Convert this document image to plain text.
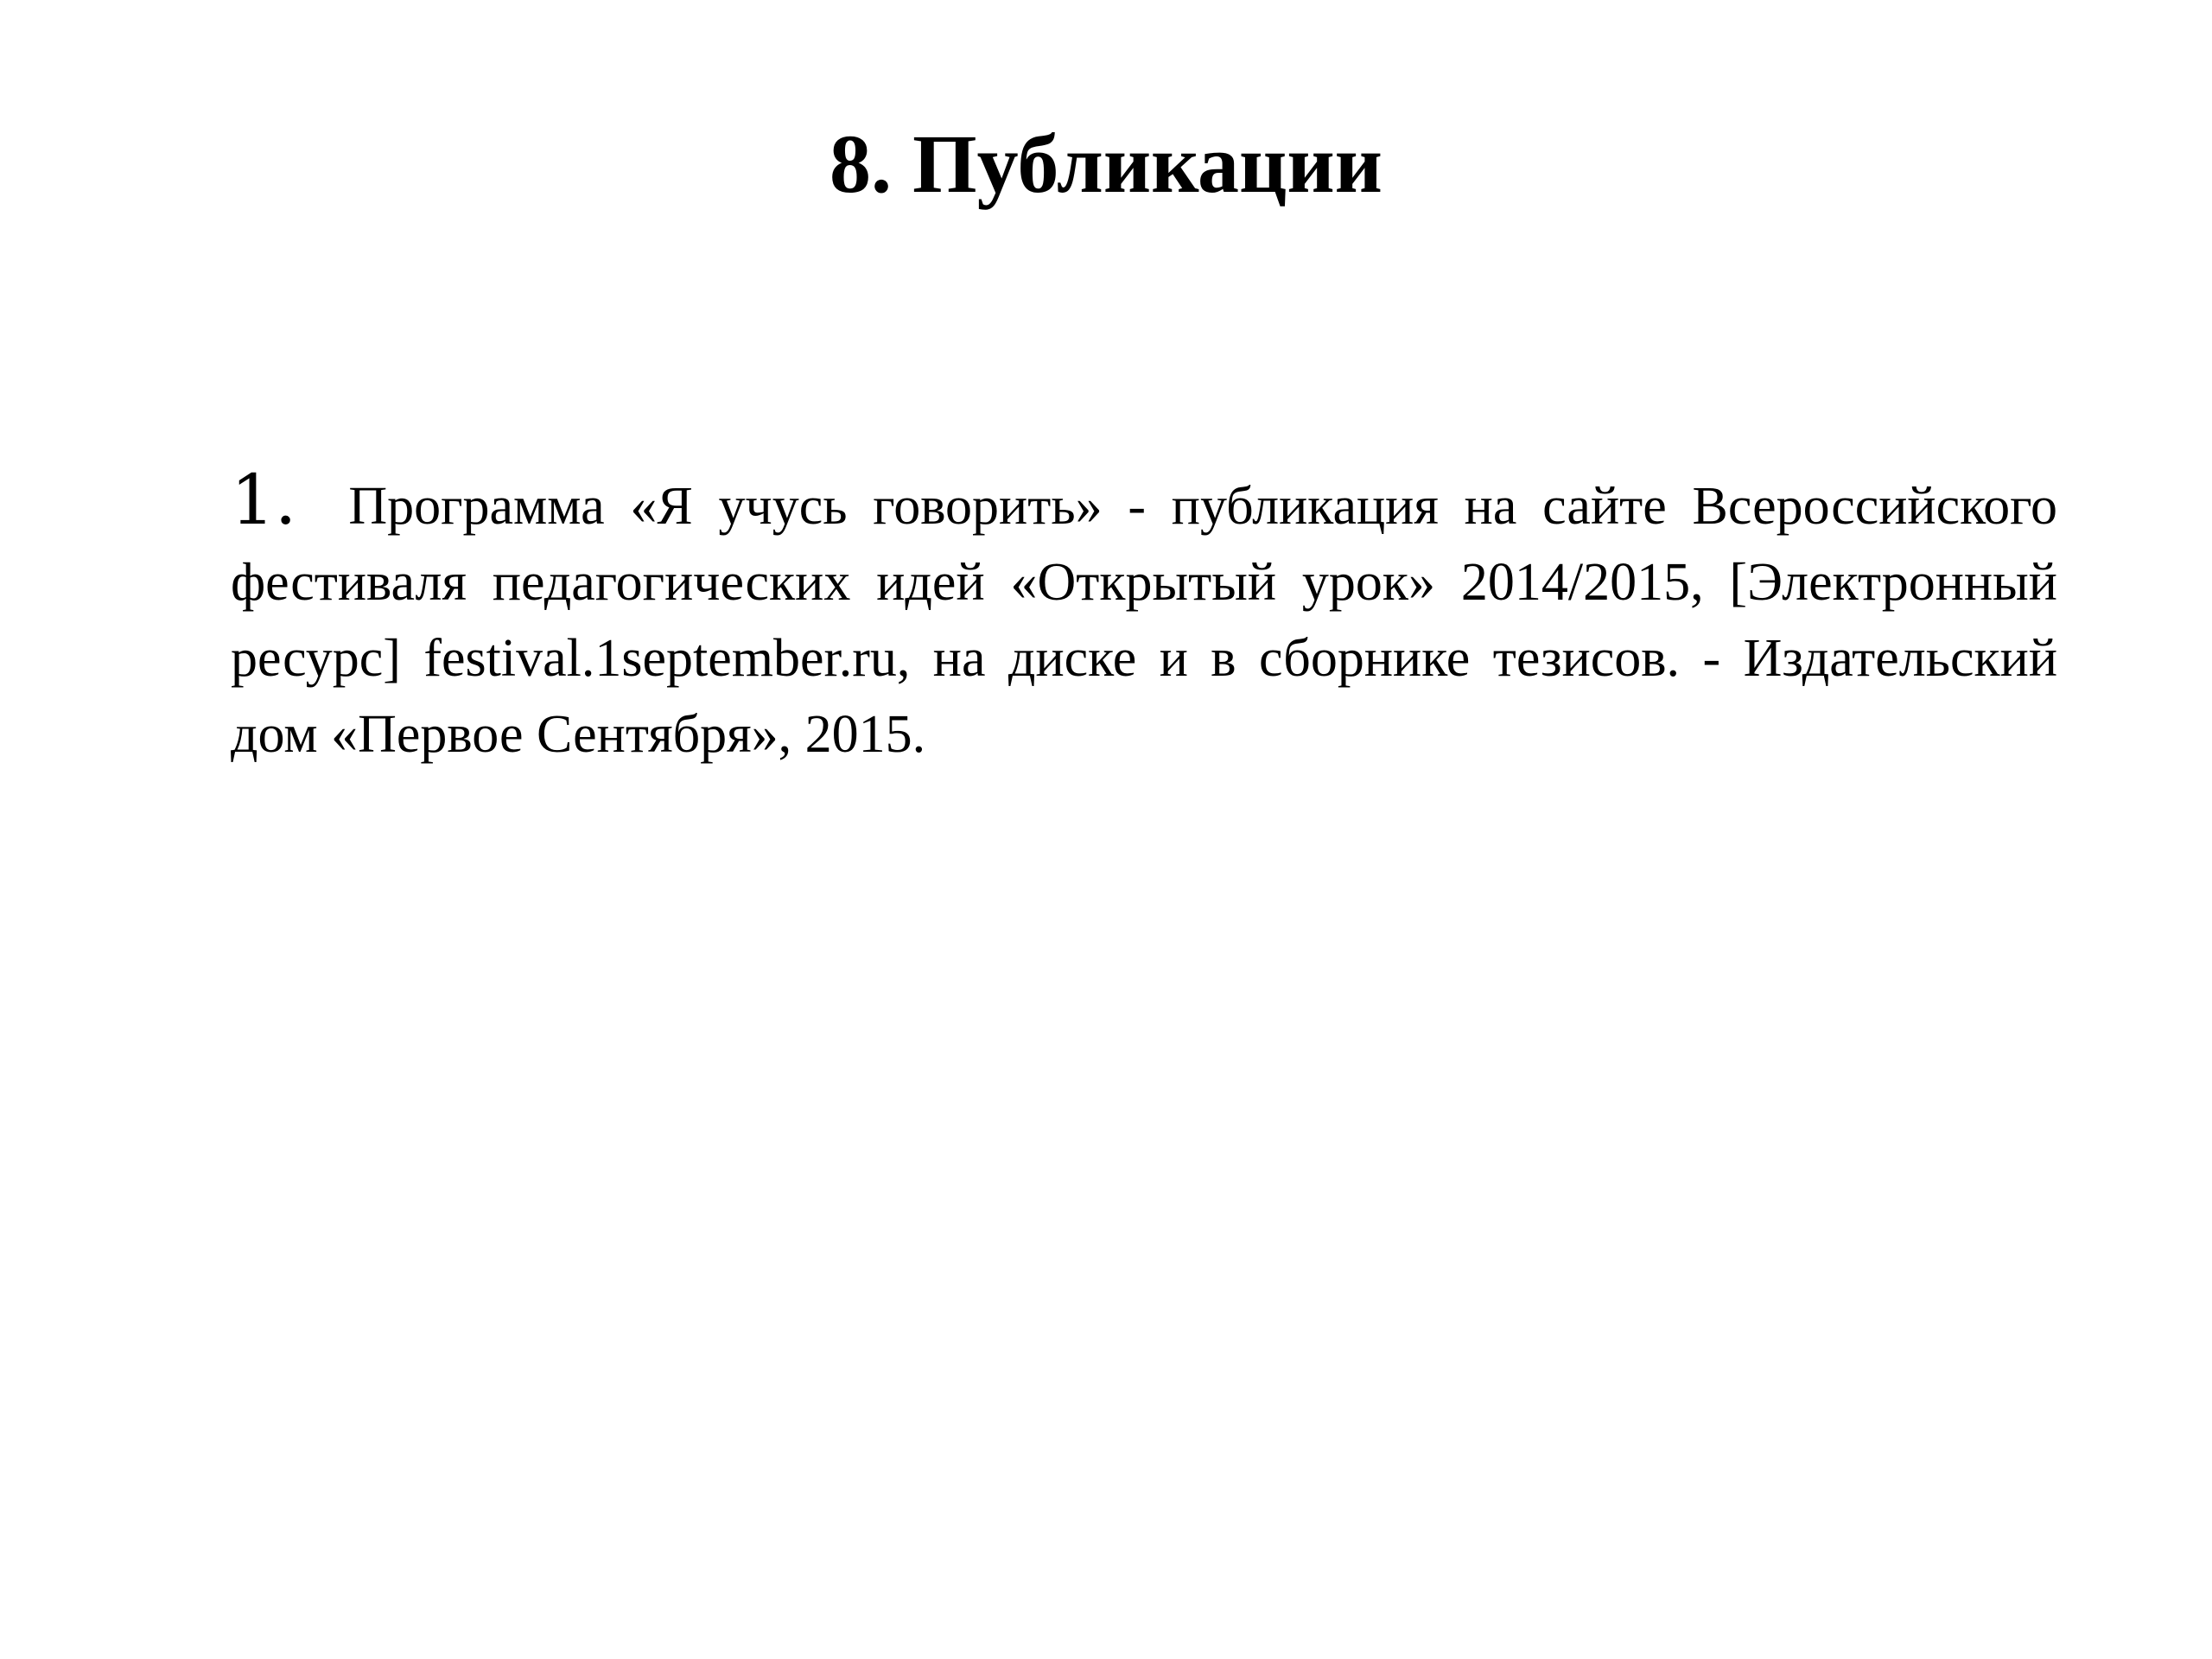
8. Публикации
1. Программа «Я учусь говорить» - публикация на сайте Всероссийского фестиваля педагогических идей «Открытый урок» 2014/2015, [Электронный ресурс] festival.1september.ru, на диске и в сборнике тезисов. - Издательский дом «Первое Сентября», 2015.
